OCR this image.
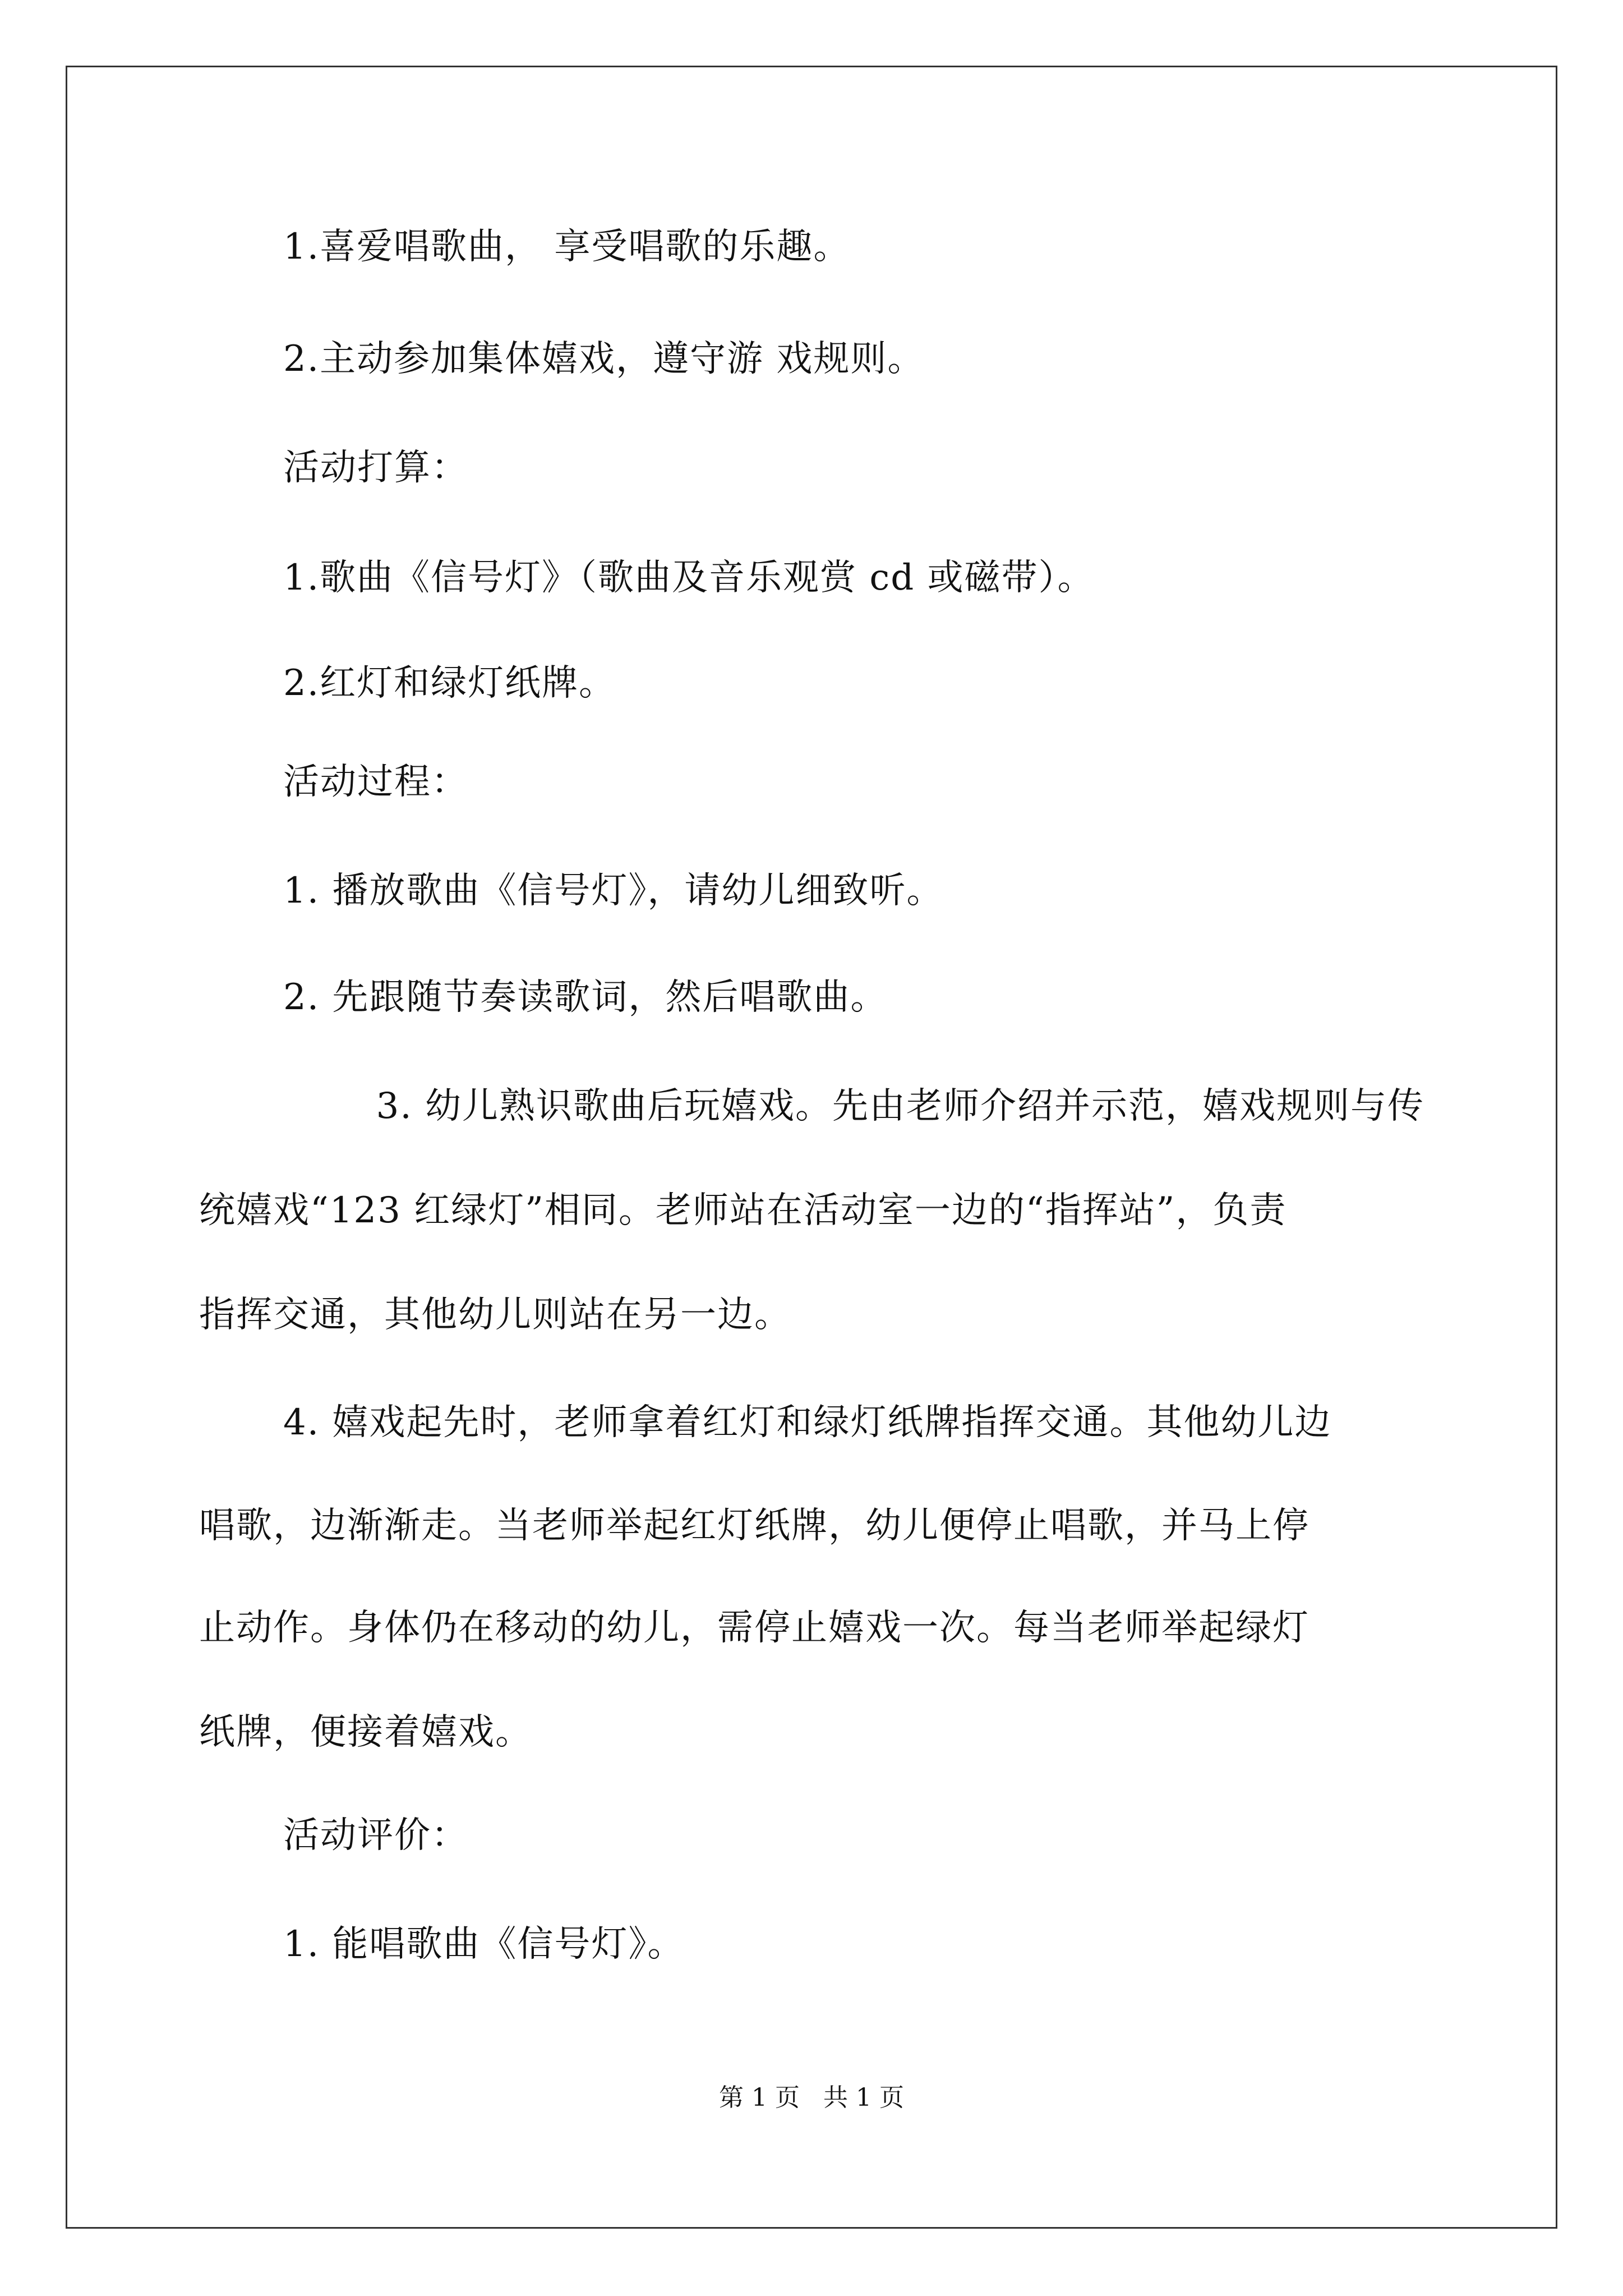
1.喜爱唱歌曲， 享受唱歌的乐趣。
2.主动参加集体嬉戏，遵守游 戏规则。
活动打算：
1.歌曲《信号灯》（歌曲及音乐观赏 cd 或磁带）。
2.红灯和绿灯纸牌。
活动过程：
1. 播放歌曲《信号灯》，请幼儿细致听。
2. 先跟随节奏读歌词，然后唱歌曲。
3. 幼儿熟识歌曲后玩嬉戏。先由老师介绍并示范，嬉戏规则与传
统嬉戏“123 红绿灯”相同。老师站在活动室一边的“指挥站”，负责
指挥交通，其他幼儿则站在另一边。
4. 嬉戏起先时，老师拿着红灯和绿灯纸牌指挥交通。其他幼儿边
唱歌，边渐渐走。当老师举起红灯纸牌，幼儿便停止唱歌，并马上停
止动作。身体仍在移动的幼儿，需停止嬉戏一次。每当老师举起绿灯
纸牌，便接着嬉戏。
活动评价：
1. 能唱歌曲《信号灯》。
第 1 页   共 1 页
